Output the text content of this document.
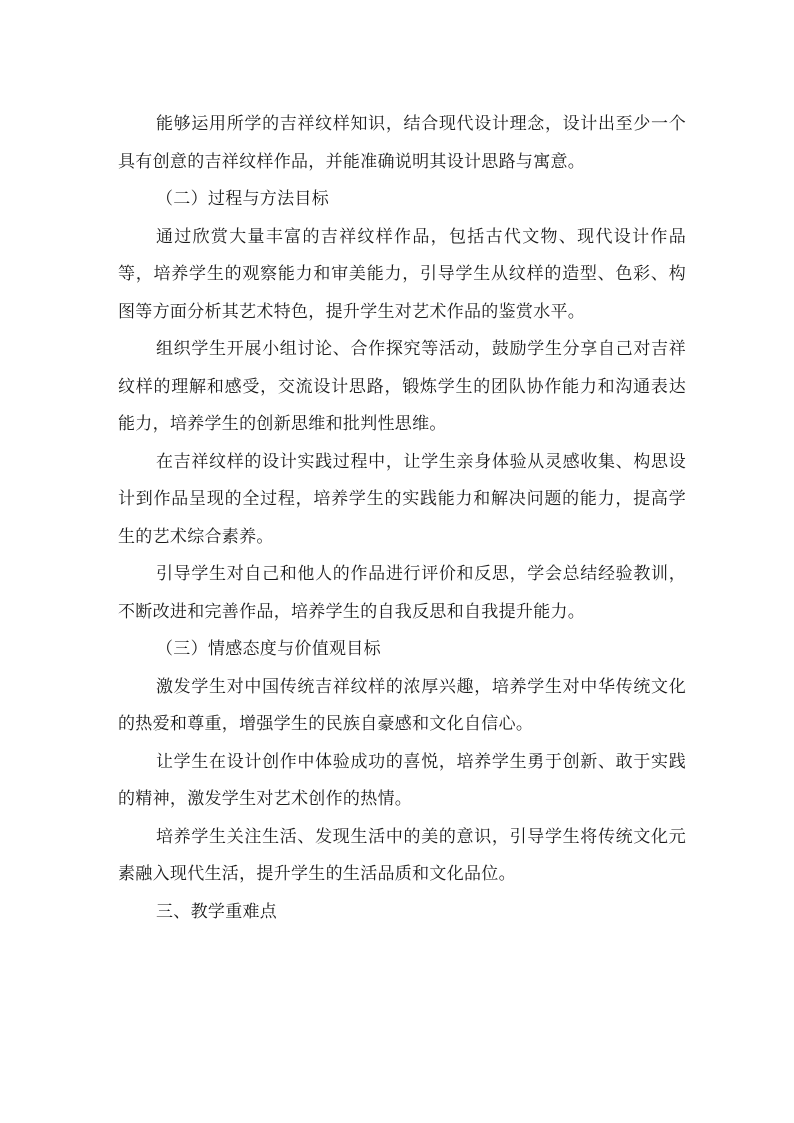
能够运用所学的吉祥纹样知识，结合现代设计理念，设计出至少一个具有创意的吉祥纹样作品，并能准确说明其设计思路与寓意。

（二）过程与方法目标

通过欣赏大量丰富的吉祥纹样作品，包括古代文物、现代设计作品等，培养学生的观察能力和审美能力，引导学生从纹样的造型、色彩、构图等方面分析其艺术特色，提升学生对艺术作品的鉴赏水平。

组织学生开展小组讨论、合作探究等活动，鼓励学生分享自己对吉祥纹样的理解和感受，交流设计思路，锻炼学生的团队协作能力和沟通表达能力，培养学生的创新思维和批判性思维。

在吉祥纹样的设计实践过程中，让学生亲身体验从灵感收集、构思设计到作品呈现的全过程，培养学生的实践能力和解决问题的能力，提高学生的艺术综合素养。

引导学生对自己和他人的作品进行评价和反思，学会总结经验教训，不断改进和完善作品，培养学生的自我反思和自我提升能力。

（三）情感态度与价值观目标

激发学生对中国传统吉祥纹样的浓厚兴趣，培养学生对中华传统文化的热爱和尊重，增强学生的民族自豪感和文化自信心。

让学生在设计创作中体验成功的喜悦，培养学生勇于创新、敢于实践的精神，激发学生对艺术创作的热情。

培养学生关注生活、发现生活中的美的意识，引导学生将传统文化元素融入现代生活，提升学生的生活品质和文化品位。

三、教学重难点
